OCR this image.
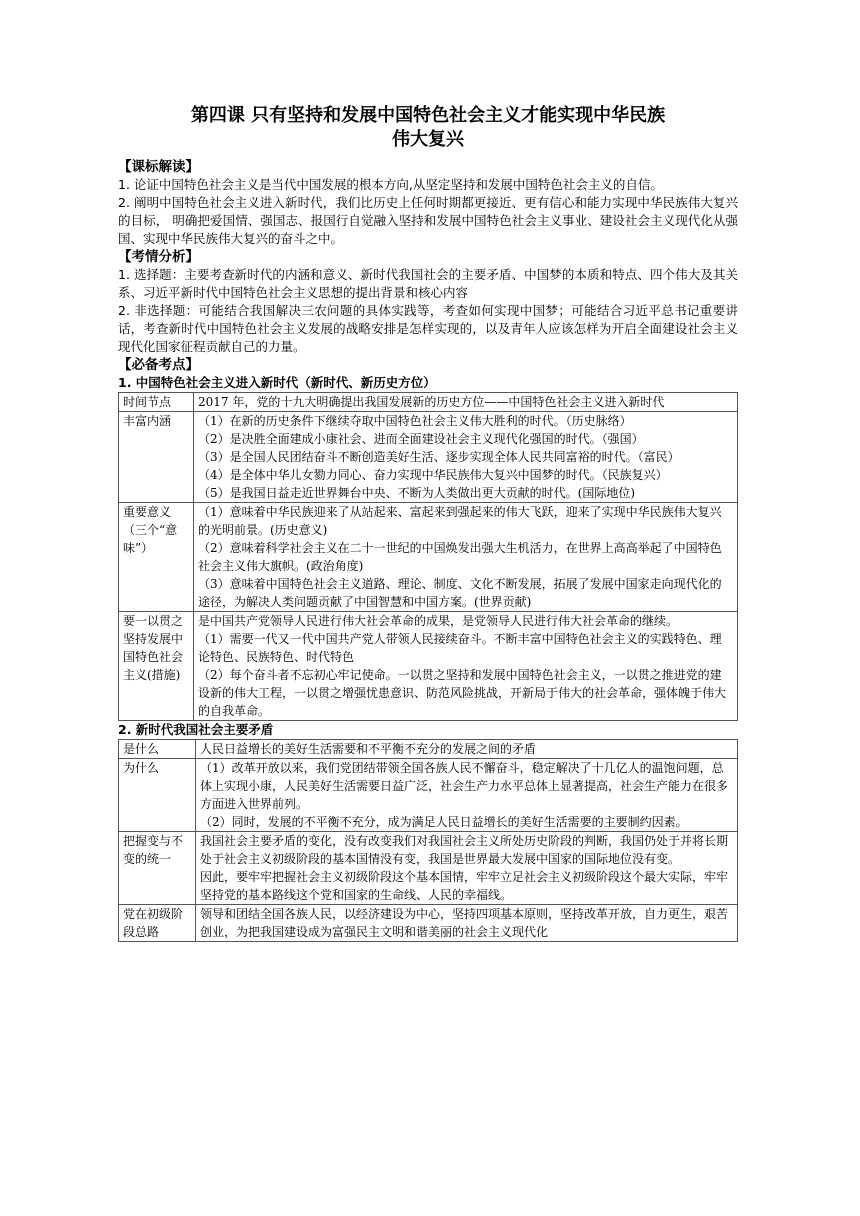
第四课 只有坚持和发展中国特色社会主义才能实现中华民族
伟大复兴
【课标解读】

1. 论证中国特色社会主义是当代中国发展的根本方向,从坚定坚持和发展中国特色社会主义的自信。

2. 阐明中国特色社会主义进入新时代，我们比历史上任何时期都更接近、更有信心和能力实现中华民族伟大复兴的目标， 明确把爱国情、强国志、报国行自觉融入坚持和发展中国特色社会主义事业、建设社会主义现代化从强国、实现中华民族伟大复兴的奋斗之中。

【考情分析】

1. 选择题：主要考查新时代的内涵和意义、新时代我国社会的主要矛盾、中国梦的本质和特点、四个伟大及其关系、习近平新时代中国特色社会主义思想的提出背景和核心内容

2. 非选择题：可能结合我国解决三农问题的具体实践等，考查如何实现中国梦；可能结合习近平总书记重要讲话，考查新时代中国特色社会主义发展的战略安排是怎样实现的，以及青年人应该怎样为开启全面建设社会主义现代化国家征程贡献自己的力量。

【必备考点】

1. 中国特色社会主义进入新时代（新时代、新历史方位）

时间节点	2017 年，党的十九大明确提出我国发展新的历史方位——中国特色社会主义进入新时代

丰富内涵	（1）在新的历史条件下继续夺取中国特色社会主义伟大胜利的时代。（历史脉络）
（2）是决胜全面建成小康社会、进而全面建设社会主义现代化强国的时代。（强国）
（3）是全国人民团结奋斗不断创造美好生活、逐步实现全体人民共同富裕的时代。（富民）
（4）是全体中华儿女勠力同心、奋力实现中华民族伟大复兴中国梦的时代。（民族复兴）
（5）是我国日益走近世界舞台中央、不断为人类做出更大贡献的时代。(国际地位)

重要意义（三个“意味”）	（1）意味着中华民族迎来了从站起来、富起来到强起来的伟大飞跃，迎来了实现中华民族伟大复兴的光明前景。(历史意义)
（2）意味着科学社会主义在二十一世纪的中国焕发出强大生机活力，在世界上高高举起了中国特色社会主义伟大旗帜。(政治角度)
（3）意味着中国特色社会主义道路、理论、制度、文化不断发展，拓展了发展中国家走向现代化的途径，为解决人类问题贡献了中国智慧和中国方案。(世界贡献)

要一以贯之坚持发展中国特色社会主义(措施)	是中国共产党领导人民进行伟大社会革命的成果，是党领导人民进行伟大社会革命的继续。
（1）需要一代又一代中国共产党人带领人民接续奋斗。不断丰富中国特色社会主义的实践特色、理论特色、民族特色、时代特色
（2）每个奋斗者不忘初心牢记使命。一以贯之坚持和发展中国特色社会主义，一以贯之推进党的建设新的伟大工程，一以贯之增强忧患意识、防范风险挑战，开新局于伟大的社会革命，强体魄于伟大的自我革命。

2. 新时代我国社会主要矛盾

是什么	人民日益增长的美好生活需要和不平衡不充分的发展之间的矛盾

为什么	（1）改革开放以来，我们党团结带领全国各族人民不懈奋斗，稳定解决了十几亿人的温饱问题，总体上实现小康，人民美好生活需要日益广泛，社会生产力水平总体上显著提高，社会生产能力在很多方面进入世界前列。
（2）同时，发展的不平衡不充分，成为满足人民日益增长的美好生活需要的主要制约因素。

把握变与不变的统一	我国社会主要矛盾的变化，没有改变我们对我国社会主义所处历史阶段的判断，我国仍处于并将长期处于社会主义初级阶段的基本国情没有变，我国是世界最大发展中国家的国际地位没有变。
因此，要牢牢把握社会主义初级阶段这个基本国情，牢牢立足社会主义初级阶段这个最大实际，牢牢坚持党的基本路线这个党和国家的生命线、人民的幸福线。

党在初级阶段总路	领导和团结全国各族人民，以经济建设为中心，坚持四项基本原则，坚持改革开放，自力更生，艰苦创业，为把我国建设成为富强民主文明和谐美丽的社会主义现代化
